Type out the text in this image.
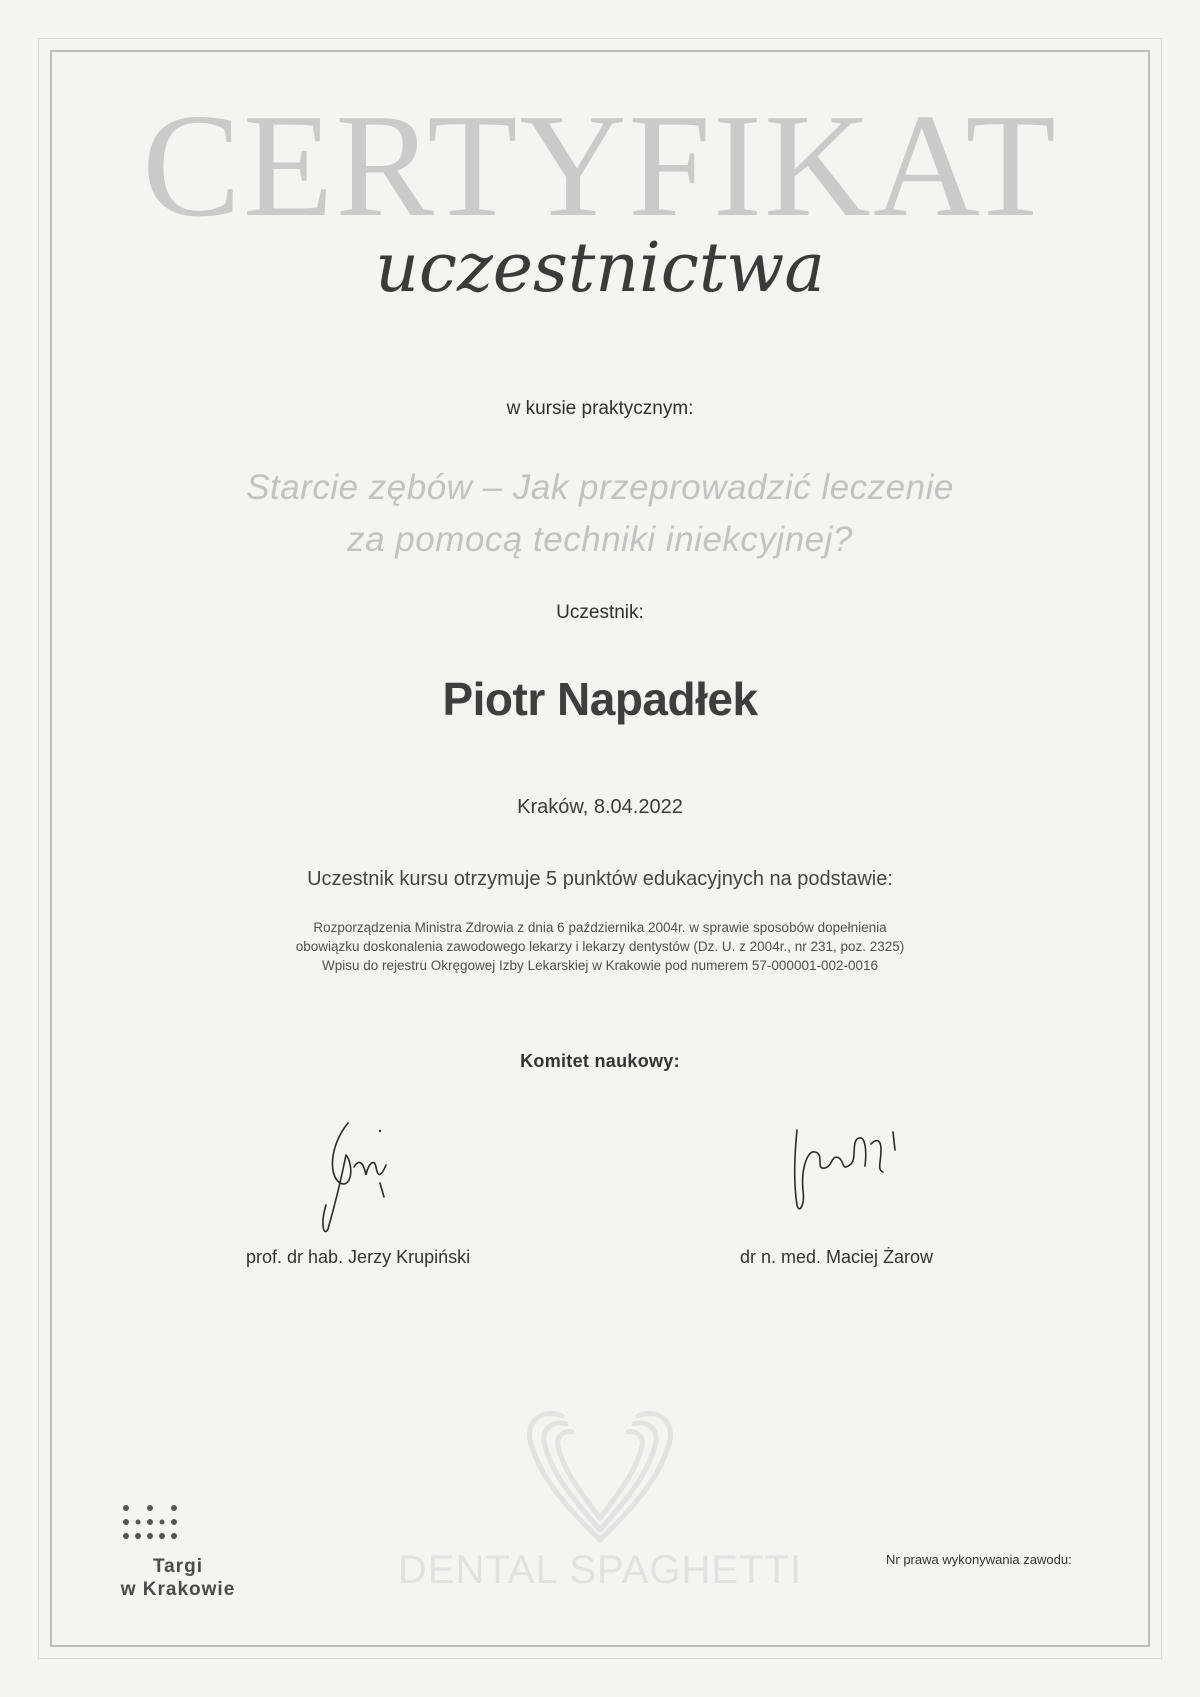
CERTYFIKAT
uczestnictwa
w kursie praktycznym:
Starcie zębów – Jak przeprowadzić leczenie
za pomocą techniki iniekcyjnej?
Uczestnik:
Piotr Napadłek
Kraków, 8.04.2022
Uczestnik kursu otrzymuje 5 punktów edukacyjnych na podstawie:
Rozporządzenia Ministra Zdrowia z dnia 6 października 2004r. w sprawie sposobów dopełnienia
obowiązku doskonalenia zawodowego lekarzy i lekarzy dentystów (Dz. U. z 2004r., nr 231, poz. 2325)
Wpisu do rejestru Okręgowej Izby Lekarskiej w Krakowie pod numerem 57-000001-002-0016
Komitet naukowy:
prof. dr hab. Jerzy Krupiński	dr n. med. Maciej Żarow
DENTAL SPAGHETTI
Targi
w Krakowie
Nr prawa wykonywania zawodu:
